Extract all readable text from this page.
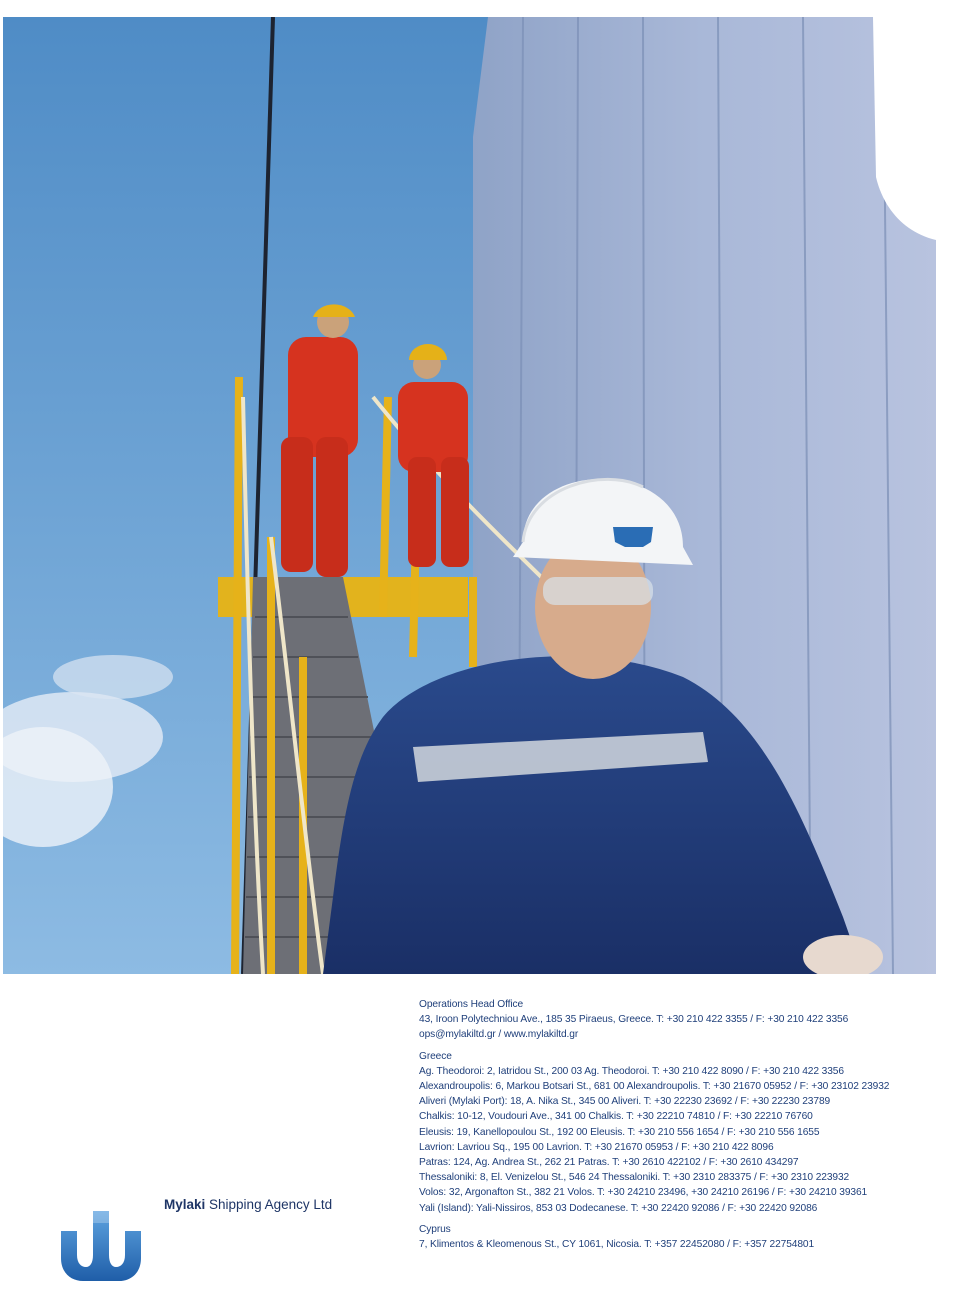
Operations Head Office
43, Iroon Polytechniou Ave., 185 35 Piraeus, Greece. T: +30 210 422 3355 / F: +30 210 422 3356
ops@mylakiltd.gr / www.mylakiltd.gr
Greece
Ag. Theodoroi: 2, Iatridou St., 200 03 Ag. Theodoroi. T: +30 210 422 8090 / F: +30 210 422 3356
Alexandroupolis: 6, Markou Botsari St., 681 00 Alexandroupolis. T: +30 21670 05952 / F: +30 23102 23932
Aliveri (Mylaki Port): 18, A. Nika St., 345 00 Aliveri. T: +30 22230 23692 / F: +30 22230 23789
Chalkis: 10-12, Voudouri Ave., 341 00 Chalkis. T: +30 22210 74810 / F: +30 22210 76760
Eleusis: 19, Kanellopoulou St., 192 00 Eleusis. T: +30 210 556 1654 / F: +30 210 556 1655
Lavrion: Lavriou Sq., 195 00 Lavrion. T: +30 21670 05953 / F: +30 210 422 8096
Patras: 124, Ag. Andrea St., 262 21 Patras. T: +30 2610 422102 / F: +30 2610 434297
Thessaloniki: 8, El. Venizelou St., 546 24 Thessaloniki. T: +30 2310 283375 / F: +30 2310 223932
Volos: 32, Argonafton St., 382 21 Volos. T: +30 24210 23496, +30 24210 26196 / F: +30 24210 39361
Yali (Island): Yali-Nissiros, 853 03 Dodecanese. T: +30 22420 92086 / F: +30 22420 92086
Cyprus
7, Klimentos & Kleomenous St., CY 1061, Nicosia. T: +357 22452080 / F: +357 22754801
Mylaki Shipping Agency Ltd
